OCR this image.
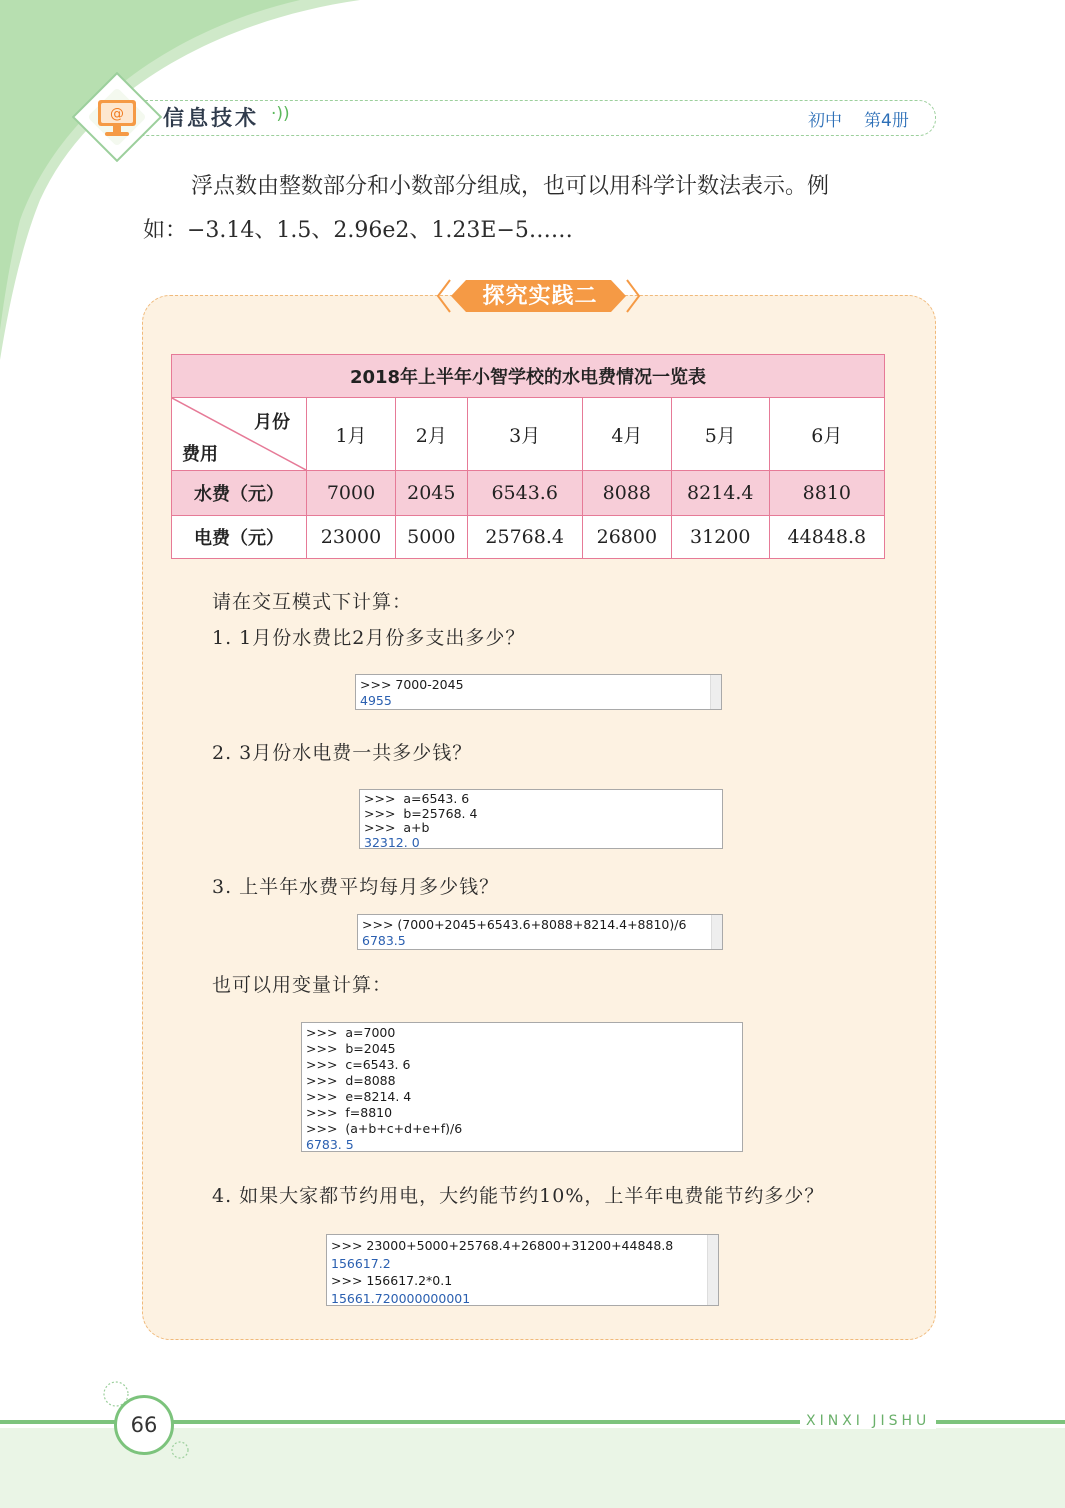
@ 信息技术 ·))	初中 第4册
浮点数由整数部分和小数部分组成，也可以用科学计数法表示。例
如：−3.14、1.5、2.96e2、1.23E−5……
探究实践二
2018年上半年小智学校的水电费情况一览表						

月份
费用	1月	2月	3月	4月	5月	6月
水费（元）	7000	2045	6543.6	8088	8214.4	8810
电费（元）	23000	5000	25768.4	26800	31200	44848.8
请在交互模式下计算：
1. 1月份水费比2月份多支出多少？
>>> 7000-2045
4955
2. 3月份水电费一共多少钱？
>>>  a=6543. 6
>>>  b=25768. 4
>>>  a+b
32312. 0
3. 上半年水费平均每月多少钱？
>>> (7000+2045+6543.6+8088+8214.4+8810)/6
6783.5
也可以用变量计算：
>>>  a=7000
>>>  b=2045
>>>  c=6543. 6
>>>  d=8088
>>>  e=8214. 4
>>>  f=8810
>>>  (a+b+c+d+e+f)/6
6783. 5
4. 如果大家都节约用电，大约能节约10%，上半年电费能节约多少？
>>> 23000+5000+25768.4+26800+31200+44848.8
156617.2
>>> 156617.2*0.1
15661.720000000001
66	XINXI JISHU
